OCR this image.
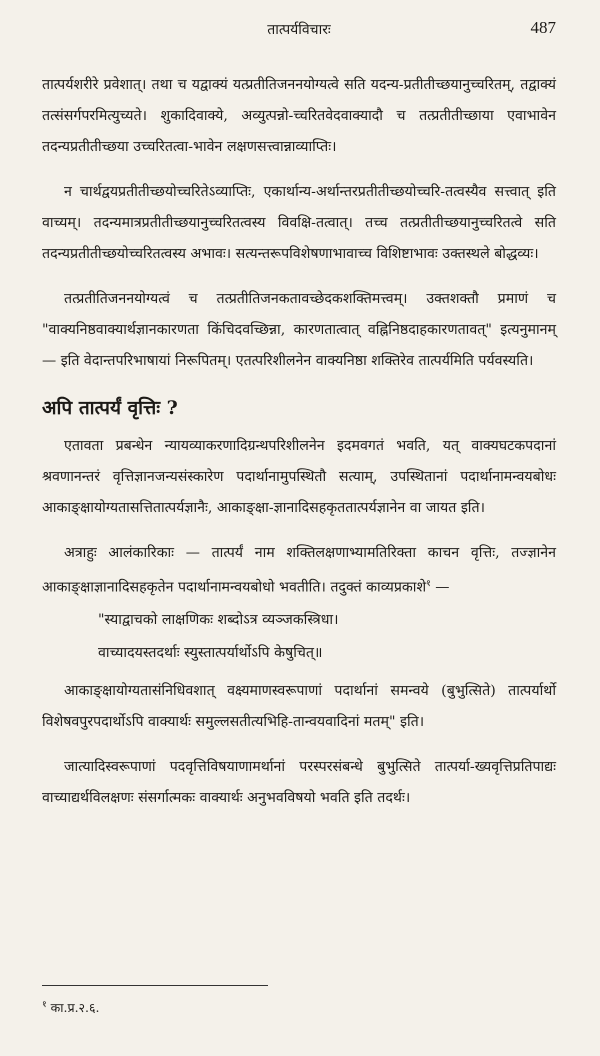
तात्पर्यविचारः	487

तात्पर्यशरीरे प्रवेशात्। तथा च यद्वाक्यं यत्प्रतीतिजननयोग्यत्वे सति यदन्य-प्रतीतीच्छयानुच्चरितम्, तद्वाक्यं तत्संसर्गपरमित्युच्यते। शुकादिवाक्ये, अव्युत्पन्नो-च्चरितवेदवाक्यादौ च तत्प्रतीतीच्छाया एवाभावेन तदन्यप्रतीतीच्छया उच्चरितत्वा-भावेन लक्षणसत्त्वान्नाव्याप्तिः।

न चार्थद्वयप्रतीतीच्छयोच्चरितेऽव्याप्तिः, एकार्थान्य-अर्थान्तरप्रतीतीच्छयोच्चरि-तत्वस्यैव सत्त्वात् इति वाच्यम्। तदन्यमात्रप्रतीतीच्छयानुच्चरितत्वस्य विवक्षि-तत्वात्। तच्च तत्प्रतीतीच्छयानुच्चरितत्वे सति तदन्यप्रतीतीच्छयोच्चरितत्वस्य अभावः। सत्यन्तरूपविशेषणाभावाच्च विशिष्टाभावः उक्तस्थले बोद्धव्यः।

तत्प्रतीतिजननयोग्यत्वं च तत्प्रतीतिजनकतावच्छेदकशक्तिमत्त्वम्। उक्तशक्तौ प्रमाणं च "वाक्यनिष्ठवाक्यार्थज्ञानकारणता किंचिदवच्छिन्ना, कारणतात्वात् वह्निनिष्ठदाहकारणतावत्" इत्यनुमानम् — इति वेदान्तपरिभाषायां निरूपितम्। एतत्परिशीलनेन वाक्यनिष्ठा शक्तिरेव तात्पर्यमिति पर्यवस्यति।

अपि तात्पर्यं वृत्तिः ?

एतावता प्रबन्धेन न्यायव्याकरणादिग्रन्थपरिशीलनेन इदमवगतं भवति, यत् वाक्यघटकपदानां श्रवणानन्तरं वृत्तिज्ञानजन्यसंस्कारेण पदार्थानामुपस्थितौ सत्याम्, उपस्थितानां पदार्थानामन्वयबोधः आकाङ्क्षायोग्यतासत्तितात्पर्यज्ञानैः, आकाङ्क्षा-ज्ञानादिसहकृततात्पर्यज्ञानेन वा जायत इति।

अत्राहुः आलंकारिकाः — तात्पर्यं नाम शक्तिलक्षणाभ्यामतिरिक्ता काचन वृत्तिः, तज्ज्ञानेन आकाङ्क्षाज्ञानादिसहकृतेन पदार्थानामन्वयबोधो भवतीति। तदुक्तं काव्यप्रकाशे$^१$ —

"स्याद्वाचको लाक्षणिकः शब्दोऽत्र व्यञ्जकस्त्रिधा।
वाच्यादयस्तदर्थाः स्युस्तात्पर्यार्थोऽपि केषुचित्॥

आकाङ्क्षायोग्यतासंनिधिवशात् वक्ष्यमाणस्वरूपाणां पदार्थानां समन्वये (बुभुत्सिते) तात्पर्यार्थो विशेषवपुरपदार्थोऽपि वाक्यार्थः समुल्लसतीत्यभिहि-तान्वयवादिनां मतम्" इति।

जात्यादिस्वरूपाणां पदवृत्तिविषयाणामर्थानां परस्परसंबन्धे बुभुत्सिते तात्पर्या-ख्यवृत्तिप्रतिपाद्यः वाच्याद्यर्थविलक्षणः संसर्गात्मकः वाक्यार्थः अनुभवविषयो भवति इति तदर्थः।

$^१$ का.प्र.२.६.
